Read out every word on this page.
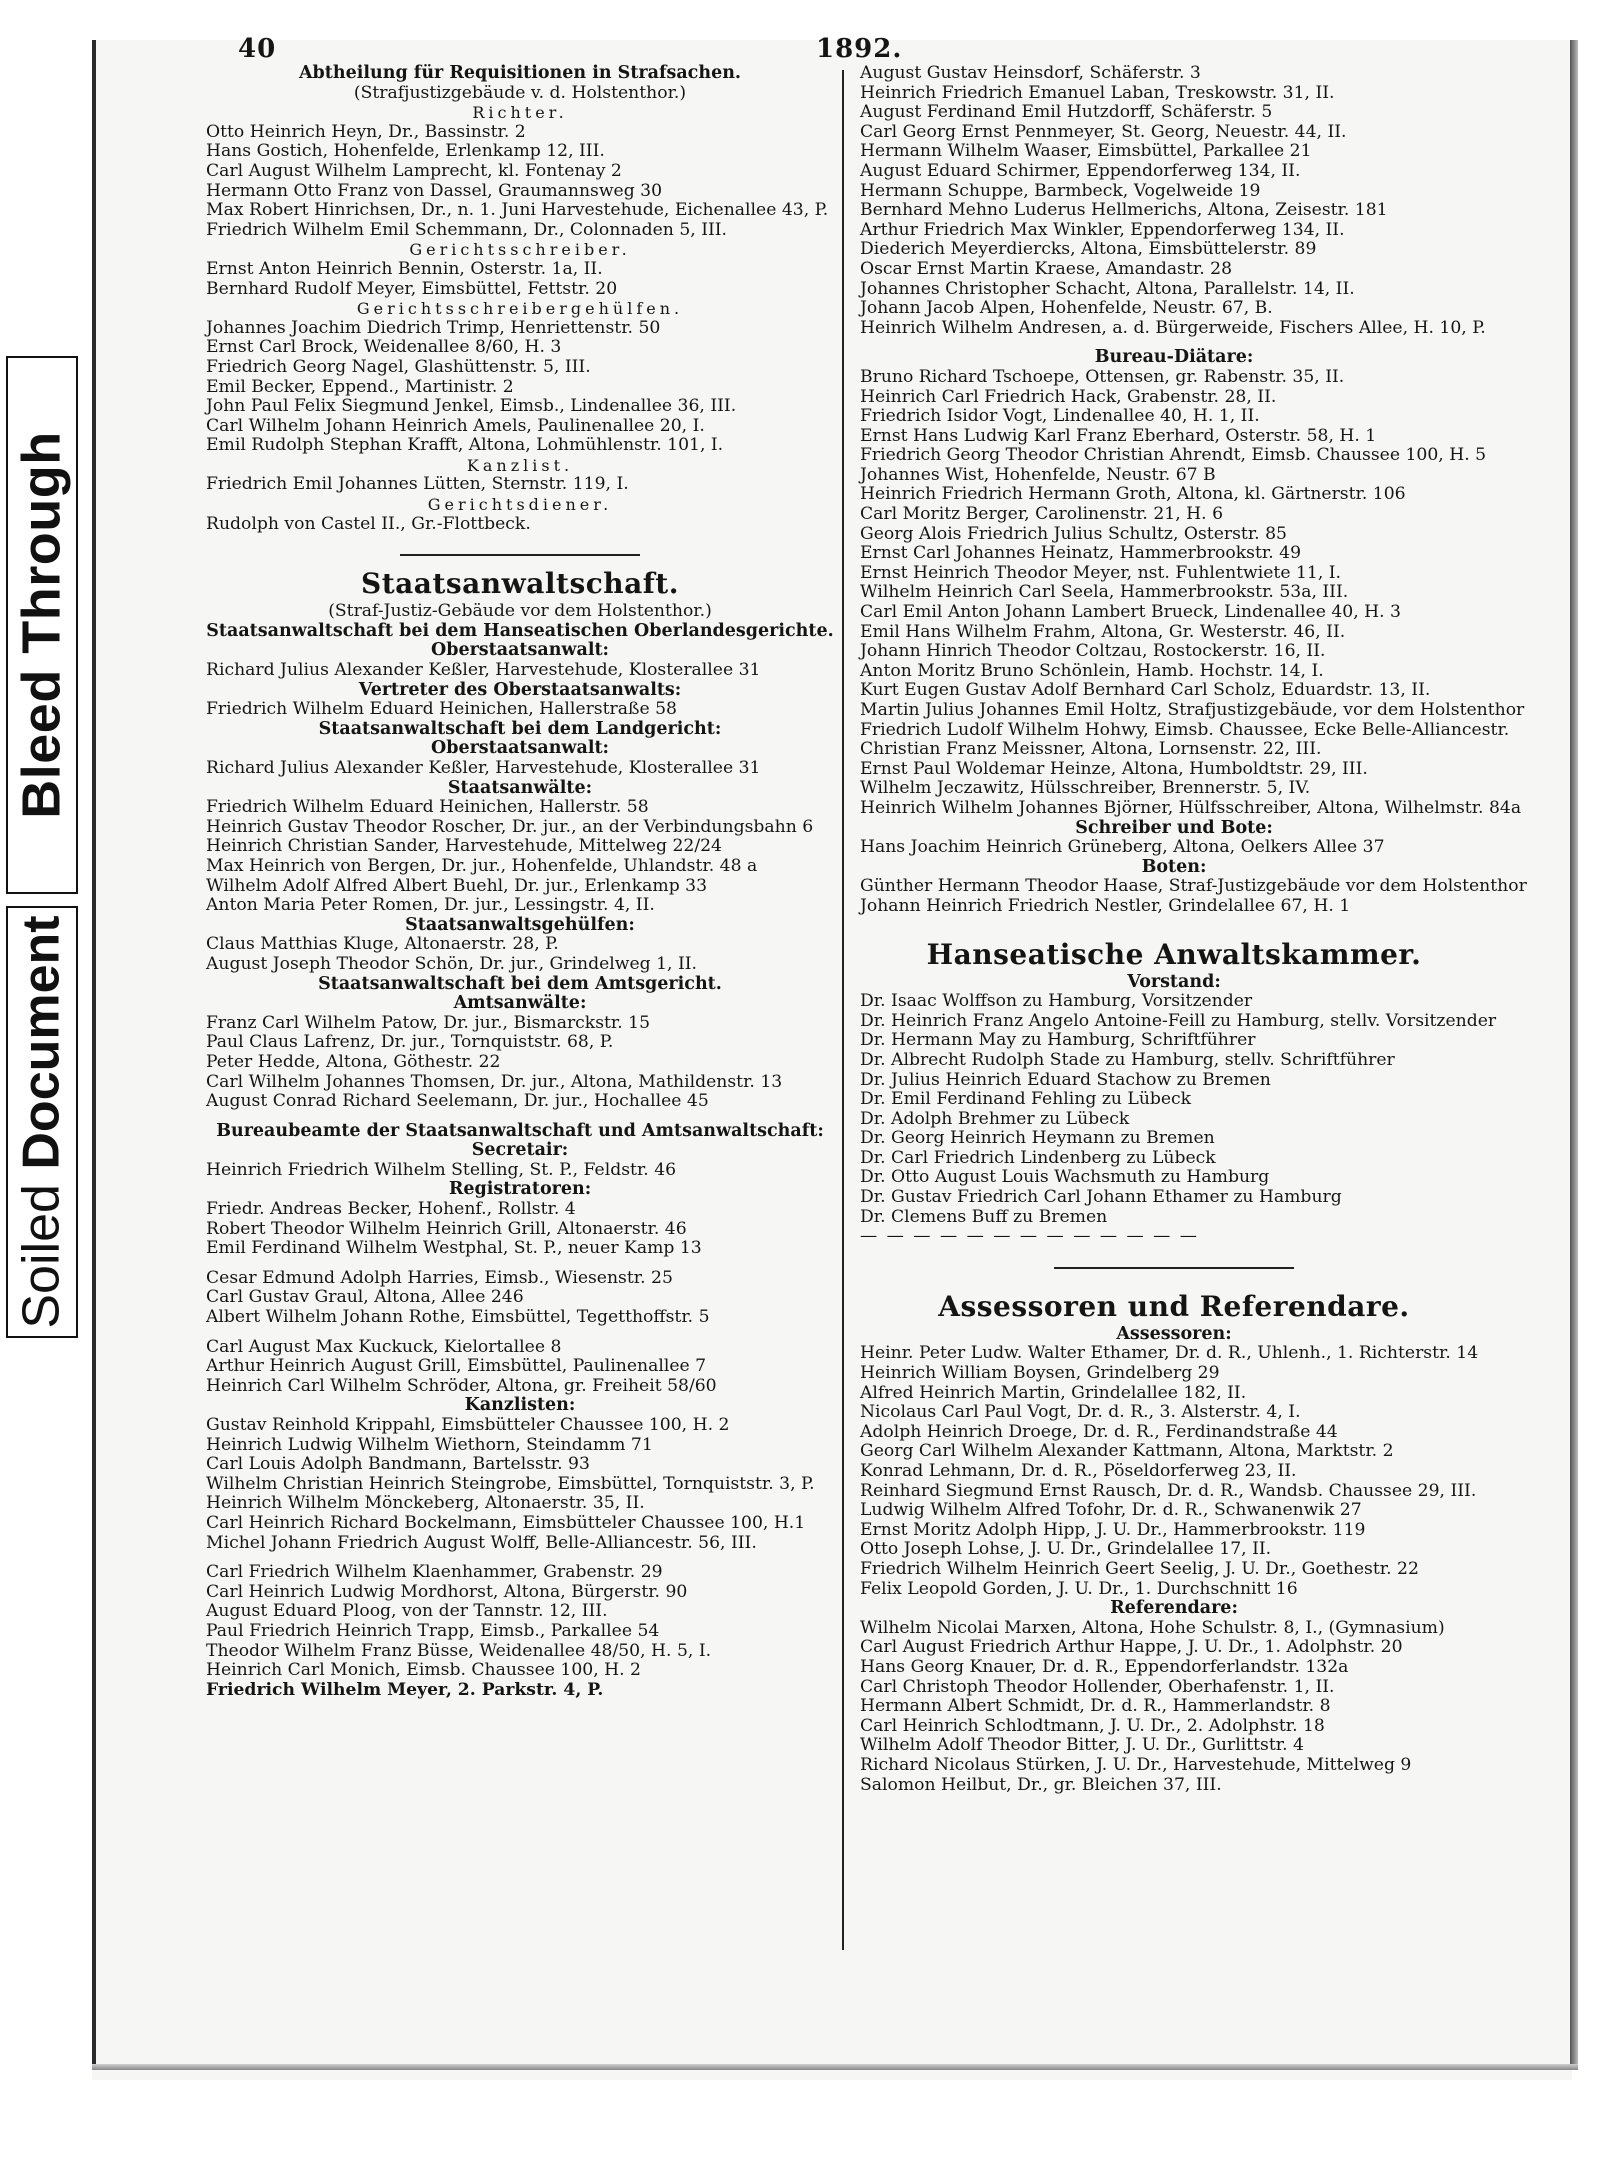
Bleed Through
Soiled Document
40	1892.
Abtheilung für Requisitionen in Strafsachen.
(Strafjustizgebäude v. d. Holstenthor.)
Richter.
Otto Heinrich Heyn, Dr., Bassinstr. 2
Hans Gostich, Hohenfelde, Erlenkamp 12, III.
Carl August Wilhelm Lamprecht, kl. Fontenay 2
Hermann Otto Franz von Dassel, Graumannsweg 30
Max Robert Hinrichsen, Dr., n. 1. Juni Harvestehude, Eichenallee 43, P.
Friedrich Wilhelm Emil Schemmann, Dr., Colonnaden 5, III.
Gerichtsschreiber.
Ernst Anton Heinrich Bennin, Osterstr. 1a, II.
Bernhard Rudolf Meyer, Eimsbüttel, Fettstr. 20
Gerichtsschreibergehülfen.
Johannes Joachim Diedrich Trimp, Henriettenstr. 50
Ernst Carl Brock, Weidenallee 8/60, H. 3
Friedrich Georg Nagel, Glashüttenstr. 5, III.
Emil Becker, Eppend., Martinistr. 2
John Paul Felix Siegmund Jenkel, Eimsb., Lindenallee 36, III.
Carl Wilhelm Johann Heinrich Amels, Paulinenallee 20, I.
Emil Rudolph Stephan Krafft, Altona, Lohmühlenstr. 101, I.
Kanzlist.
Friedrich Emil Johannes Lütten, Sternstr. 119, I.
Gerichtsdiener.
Rudolph von Castel II., Gr.-Flottbeck.
Staatsanwaltschaft.
(Straf-Justiz-Gebäude vor dem Holstenthor.)
Staatsanwaltschaft bei dem Hanseatischen Oberlandesgerichte.
Oberstaatsanwalt:
Richard Julius Alexander Keßler, Harvestehude, Klosterallee 31
Vertreter des Oberstaatsanwalts:
Friedrich Wilhelm Eduard Heinichen, Hallerstraße 58
Staatsanwaltschaft bei dem Landgericht:
Oberstaatsanwalt:
Richard Julius Alexander Keßler, Harvestehude, Klosterallee 31
Staatsanwälte:
Friedrich Wilhelm Eduard Heinichen, Hallerstr. 58
Heinrich Gustav Theodor Roscher, Dr. jur., an der Verbindungsbahn 6
Heinrich Christian Sander, Harvestehude, Mittelweg 22/24
Max Heinrich von Bergen, Dr. jur., Hohenfelde, Uhlandstr. 48 a
Wilhelm Adolf Alfred Albert Buehl, Dr. jur., Erlenkamp 33
Anton Maria Peter Romen, Dr. jur., Lessingstr. 4, II.
Staatsanwaltsgehülfen:
Claus Matthias Kluge, Altonaerstr. 28, P.
August Joseph Theodor Schön, Dr. jur., Grindelweg 1, II.
Staatsanwaltschaft bei dem Amtsgericht.
Amtsanwälte:
Franz Carl Wilhelm Patow, Dr. jur., Bismarckstr. 15
Paul Claus Lafrenz, Dr. jur., Tornquiststr. 68, P.
Peter Hedde, Altona, Göthestr. 22
Carl Wilhelm Johannes Thomsen, Dr. jur., Altona, Mathildenstr. 13
August Conrad Richard Seelemann, Dr. jur., Hochallee 45
Bureaubeamte der Staatsanwaltschaft und Amtsanwaltschaft:
Secretair:
Heinrich Friedrich Wilhelm Stelling, St. P., Feldstr. 46
Registratoren:
Friedr. Andreas Becker, Hohenf., Rollstr. 4
Robert Theodor Wilhelm Heinrich Grill, Altonaerstr. 46
Emil Ferdinand Wilhelm Westphal, St. P., neuer Kamp 13
Cesar Edmund Adolph Harries, Eimsb., Wiesenstr. 25
Carl Gustav Graul, Altona, Allee 246
Albert Wilhelm Johann Rothe, Eimsbüttel, Tegetthoffstr. 5
Carl August Max Kuckuck, Kielortallee 8
Arthur Heinrich August Grill, Eimsbüttel, Paulinenallee 7
Heinrich Carl Wilhelm Schröder, Altona, gr. Freiheit 58/60
Kanzlisten:
Gustav Reinhold Krippahl, Eimsbütteler Chaussee 100, H. 2
Heinrich Ludwig Wilhelm Wiethorn, Steindamm 71
Carl Louis Adolph Bandmann, Bartelsstr. 93
Wilhelm Christian Heinrich Steingrobe, Eimsbüttel, Tornquiststr. 3, P.
Heinrich Wilhelm Mönckeberg, Altonaerstr. 35, II.
Carl Heinrich Richard Bockelmann, Eimsbütteler Chaussee 100, H.1
Michel Johann Friedrich August Wolff, Belle-Alliancestr. 56, III.
Carl Friedrich Wilhelm Klaenhammer, Grabenstr. 29
Carl Heinrich Ludwig Mordhorst, Altona, Bürgerstr. 90
August Eduard Ploog, von der Tannstr. 12, III.
Paul Friedrich Heinrich Trapp, Eimsb., Parkallee 54
Theodor Wilhelm Franz Büsse, Weidenallee 48/50, H. 5, I.
Heinrich Carl Monich, Eimsb. Chaussee 100, H. 2
Friedrich Wilhelm Meyer, 2. Parkstr. 4, P.
August Gustav Heinsdorf, Schäferstr. 3
Heinrich Friedrich Emanuel Laban, Treskowstr. 31, II.
August Ferdinand Emil Hutzdorff, Schäferstr. 5
Carl Georg Ernst Pennmeyer, St. Georg, Neuestr. 44, II.
Hermann Wilhelm Waaser, Eimsbüttel, Parkallee 21
August Eduard Schirmer, Eppendorferweg 134, II.
Hermann Schuppe, Barmbeck, Vogelweide 19
Bernhard Mehno Luderus Hellmerichs, Altona, Zeisestr. 181
Arthur Friedrich Max Winkler, Eppendorferweg 134, II.
Diederich Meyerdiercks, Altona, Eimsbüttelerstr. 89
Oscar Ernst Martin Kraese, Amandastr. 28
Johannes Christopher Schacht, Altona, Parallelstr. 14, II.
Johann Jacob Alpen, Hohenfelde, Neustr. 67, B.
Heinrich Wilhelm Andresen, a. d. Bürgerweide, Fischers Allee, H. 10, P.
Bureau-Diätare:
Bruno Richard Tschoepe, Ottensen, gr. Rabenstr. 35, II.
Heinrich Carl Friedrich Hack, Grabenstr. 28, II.
Friedrich Isidor Vogt, Lindenallee 40, H. 1, II.
Ernst Hans Ludwig Karl Franz Eberhard, Osterstr. 58, H. 1
Friedrich Georg Theodor Christian Ahrendt, Eimsb. Chaussee 100, H. 5
Johannes Wist, Hohenfelde, Neustr. 67 B
Heinrich Friedrich Hermann Groth, Altona, kl. Gärtnerstr. 106
Carl Moritz Berger, Carolinenstr. 21, H. 6
Georg Alois Friedrich Julius Schultz, Osterstr. 85
Ernst Carl Johannes Heinatz, Hammerbrookstr. 49
Ernst Heinrich Theodor Meyer, nst. Fuhlentwiete 11, I.
Wilhelm Heinrich Carl Seela, Hammerbrookstr. 53a, III.
Carl Emil Anton Johann Lambert Brueck, Lindenallee 40, H. 3
Emil Hans Wilhelm Frahm, Altona, Gr. Westerstr. 46, II.
Johann Hinrich Theodor Coltzau, Rostockerstr. 16, II.
Anton Moritz Bruno Schönlein, Hamb. Hochstr. 14, I.
Kurt Eugen Gustav Adolf Bernhard Carl Scholz, Eduardstr. 13, II.
Martin Julius Johannes Emil Holtz, Strafjustizgebäude, vor dem Holstenthor
Friedrich Ludolf Wilhelm Hohwy, Eimsb. Chaussee, Ecke Belle-Alliancestr.
Christian Franz Meissner, Altona, Lornsenstr. 22, III.
Ernst Paul Woldemar Heinze, Altona, Humboldtstr. 29, III.
Wilhelm Jeczawitz, Hülsschreiber, Brennerstr. 5, IV.
Heinrich Wilhelm Johannes Björner, Hülfsschreiber, Altona, Wilhelmstr. 84a
Schreiber und Bote:
Hans Joachim Heinrich Grüneberg, Altona, Oelkers Allee 37
Boten:
Günther Hermann Theodor Haase, Straf-Justizgebäude vor dem Holstenthor
Johann Heinrich Friedrich Nestler, Grindelallee 67, H. 1
Hanseatische Anwaltskammer.
Vorstand:
Dr. Isaac Wolffson zu Hamburg, Vorsitzender
Dr. Heinrich Franz Angelo Antoine-Feill zu Hamburg, stellv. Vorsitzender
Dr. Hermann May zu Hamburg, Schriftführer
Dr. Albrecht Rudolph Stade zu Hamburg, stellv. Schriftführer
Dr. Julius Heinrich Eduard Stachow zu Bremen
Dr. Emil Ferdinand Fehling zu Lübeck
Dr. Adolph Brehmer zu Lübeck
Dr. Georg Heinrich Heymann zu Bremen
Dr. Carl Friedrich Lindenberg zu Lübeck
Dr. Otto August Louis Wachsmuth zu Hamburg
Dr. Gustav Friedrich Carl Johann Ethamer zu Hamburg
Dr. Clemens Buff zu Bremen
— — — — — — — — — — — — —
Assessoren und Referendare.
Assessoren:
Heinr. Peter Ludw. Walter Ethamer, Dr. d. R., Uhlenh., 1. Richterstr. 14
Heinrich William Boysen, Grindelberg 29
Alfred Heinrich Martin, Grindelallee 182, II.
Nicolaus Carl Paul Vogt, Dr. d. R., 3. Alsterstr. 4, I.
Adolph Heinrich Droege, Dr. d. R., Ferdinandstraße 44
Georg Carl Wilhelm Alexander Kattmann, Altona, Marktstr. 2
Konrad Lehmann, Dr. d. R., Pöseldorferweg 23, II.
Reinhard Siegmund Ernst Rausch, Dr. d. R., Wandsb. Chaussee 29, III.
Ludwig Wilhelm Alfred Tofohr, Dr. d. R., Schwanenwik 27
Ernst Moritz Adolph Hipp, J. U. Dr., Hammerbrookstr. 119
Otto Joseph Lohse, J. U. Dr., Grindelallee 17, II.
Friedrich Wilhelm Heinrich Geert Seelig, J. U. Dr., Goethestr. 22
Felix Leopold Gorden, J. U. Dr., 1. Durchschnitt 16
Referendare:
Wilhelm Nicolai Marxen, Altona, Hohe Schulstr. 8, I., (Gymnasium)
Carl August Friedrich Arthur Happe, J. U. Dr., 1. Adolphstr. 20
Hans Georg Knauer, Dr. d. R., Eppendorferlandstr. 132a
Carl Christoph Theodor Hollender, Oberhafenstr. 1, II.
Hermann Albert Schmidt, Dr. d. R., Hammerlandstr. 8
Carl Heinrich Schlodtmann, J. U. Dr., 2. Adolphstr. 18
Wilhelm Adolf Theodor Bitter, J. U. Dr., Gurlittstr. 4
Richard Nicolaus Stürken, J. U. Dr., Harvestehude, Mittelweg 9
Salomon Heilbut, Dr., gr. Bleichen 37, III.
